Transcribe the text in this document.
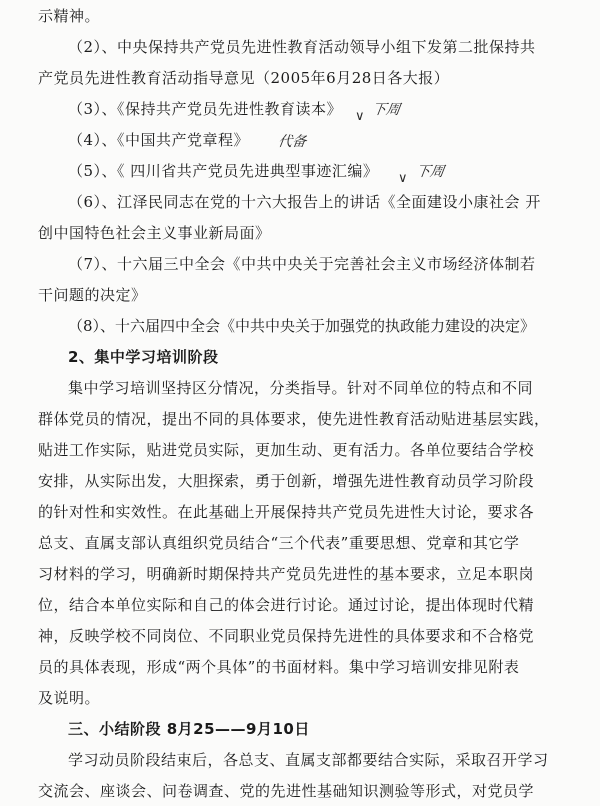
示精神。
（2）、中央保持共产党员先进性教育活动领导小组下发第二批保持共
产党员先进性教育活动指导意见（2005年6月28日各大报）
（3）、《保持共产党员先进性教育读本》 ∨ 下周
（4）、《中国共产党章程》	代备
（5）、《 四川省共产党员先进典型事迹汇编》	∨ 下周
（6）、江泽民同志在党的十六大报告上的讲话《全面建设小康社会 开
创中国特色社会主义事业新局面》
（7）、十六届三中全会《中共中央关于完善社会主义市场经济体制若
干问题的决定》
（8）、十六届四中全会《中共中央关于加强党的执政能力建设的决定》
2、集中学习培训阶段
集中学习培训坚持区分情况，分类指导。针对不同单位的特点和不同
群体党员的情况，提出不同的具体要求，使先进性教育活动贴进基层实践，
贴进工作实际，贴进党员实际，更加生动、更有活力。各单位要结合学校
安排，从实际出发，大胆探索，勇于创新，增强先进性教育动员学习阶段
的针对性和实效性。在此基础上开展保持共产党员先进性大讨论，要求各
总支、直属支部认真组织党员结合“三个代表”重要思想、党章和其它学
习材料的学习，明确新时期保持共产党员先进性的基本要求，立足本职岗
位，结合本单位实际和自己的体会进行讨论。通过讨论，提出体现时代精
神，反映学校不同岗位、不同职业党员保持先进性的具体要求和不合格党
员的具体表现，形成“两个具体”的书面材料。集中学习培训安排见附表
及说明。
三、小结阶段 8月25——9月10日
学习动员阶段结束后，各总支、直属支部都要结合实际，采取召开学习
交流会、座谈会、问卷调查、党的先进性基础知识测验等形式，对党员学
